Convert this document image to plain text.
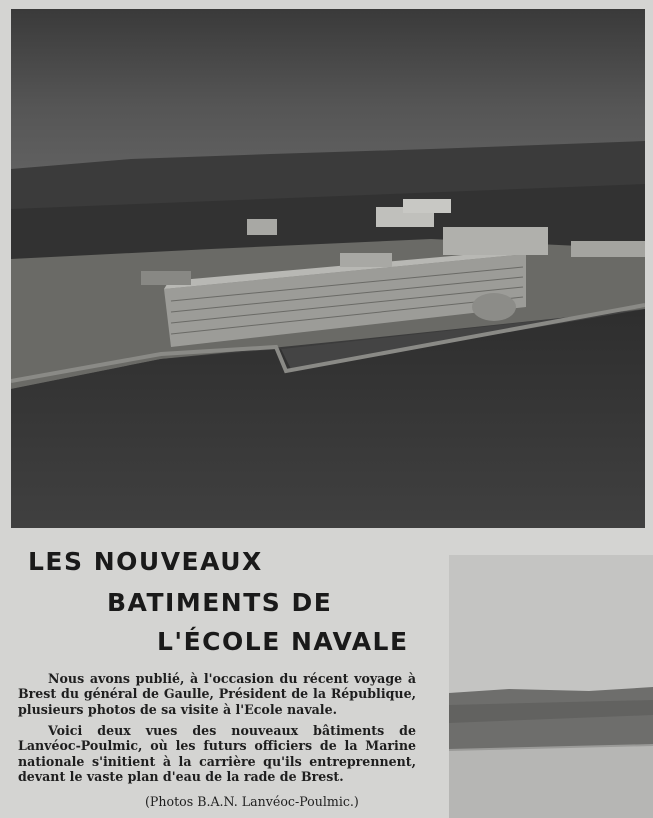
LES NOUVEAUX
BATIMENTS DE
L'ÉCOLE NAVALE

Nous avons publié, à l'occasion du récent voyage à Brest du général de Gaulle, Président de la République, plusieurs photos de sa visite à l'Ecole navale.

Voici deux vues des nouveaux bâtiments de Lanvéoc-Poulmic, où les futurs officiers de la Marine nationale s'initient à la carrière qu'ils entreprennent, devant le vaste plan d'eau de la rade de Brest.

(Photos B.A.N. Lanvéoc-Poulmic.)
